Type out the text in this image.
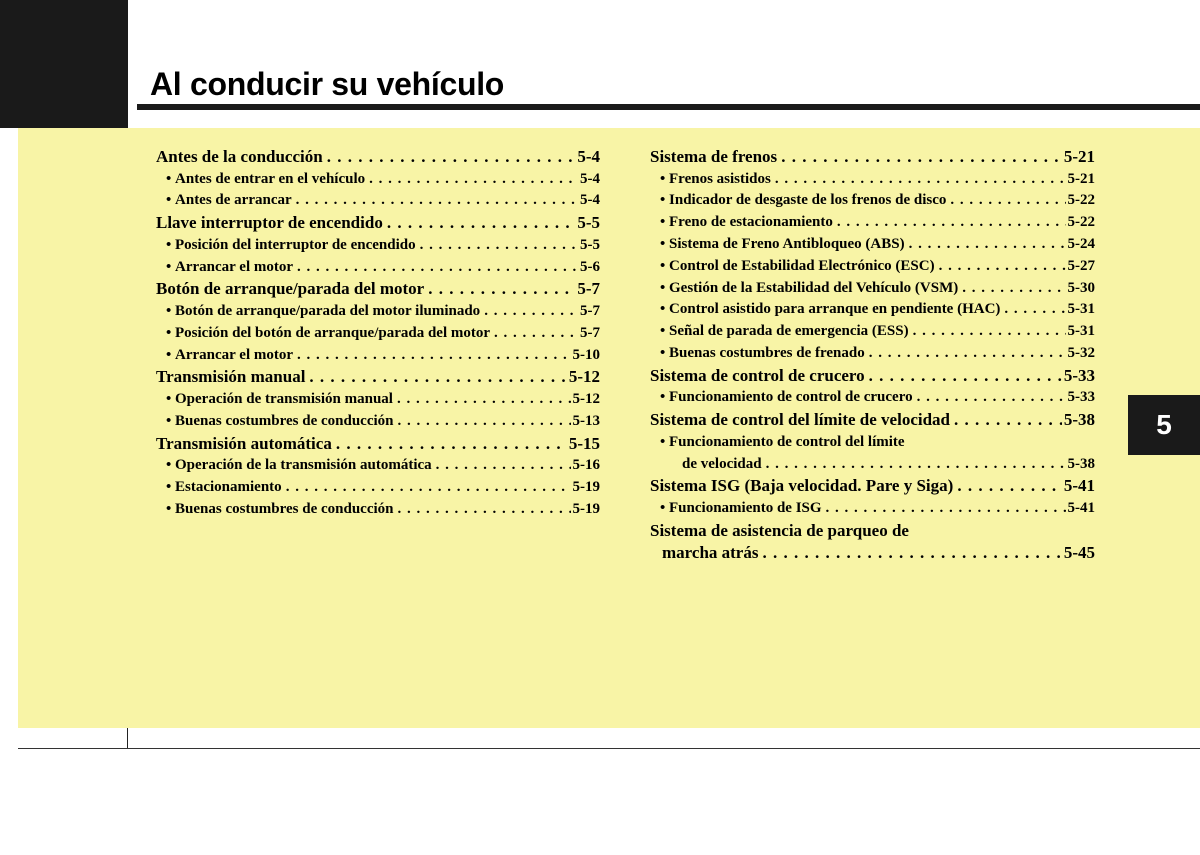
Al conducir su vehículo
5
Antes de la conducción . . .	5-4
• Antes de entrar en el vehículo . . .	5-4
• Antes de arrancar . . .	5-4
Llave interruptor de encendido . . .	5-5
• Posición del interruptor de encendido . . .	5-5
• Arrancar el motor . . .	5-6
Botón de arranque/parada del motor . . .	5-7
• Botón de arranque/parada del motor iluminado . . .	5-7
• Posición del botón de arranque/parada del motor . . .	5-7
• Arrancar el motor . . .	5-10
Transmisión manual . . .	5-12
• Operación de transmisión manual . . .	5-12
• Buenas costumbres de conducción . . .	5-13
Transmisión automática . . .	5-15
• Operación de la transmisión automática . . .	5-16
• Estacionamiento . . .	5-19
• Buenas costumbres de conducción . . .	5-19
Sistema de frenos . . .	5-21
• Frenos asistidos . . .	5-21
• Indicador de desgaste de los frenos de disco . . .	5-22
• Freno de estacionamiento . . .	5-22
• Sistema de Freno Antibloqueo (ABS) . . .	5-24
• Control de Estabilidad Electrónico (ESC) . . .	5-27
• Gestión de la Estabilidad del Vehículo (VSM) . . .	5-30
• Control asistido para arranque en pendiente (HAC) . . .	5-31
• Señal de parada de emergencia (ESS) . . .	5-31
• Buenas costumbres de frenado . . .	5-32
Sistema de control de crucero . . .	5-33
• Funcionamiento de control de crucero . . .	5-33
Sistema de control del límite de velocidad . . .	5-38
• Funcionamiento de control del límite
de velocidad . . .	5-38
Sistema ISG (Baja velocidad. Pare y Siga) . . .	5-41
• Funcionamiento de ISG . . .	5-41
Sistema de asistencia de parqueo de
marcha atrás . . .	5-45
